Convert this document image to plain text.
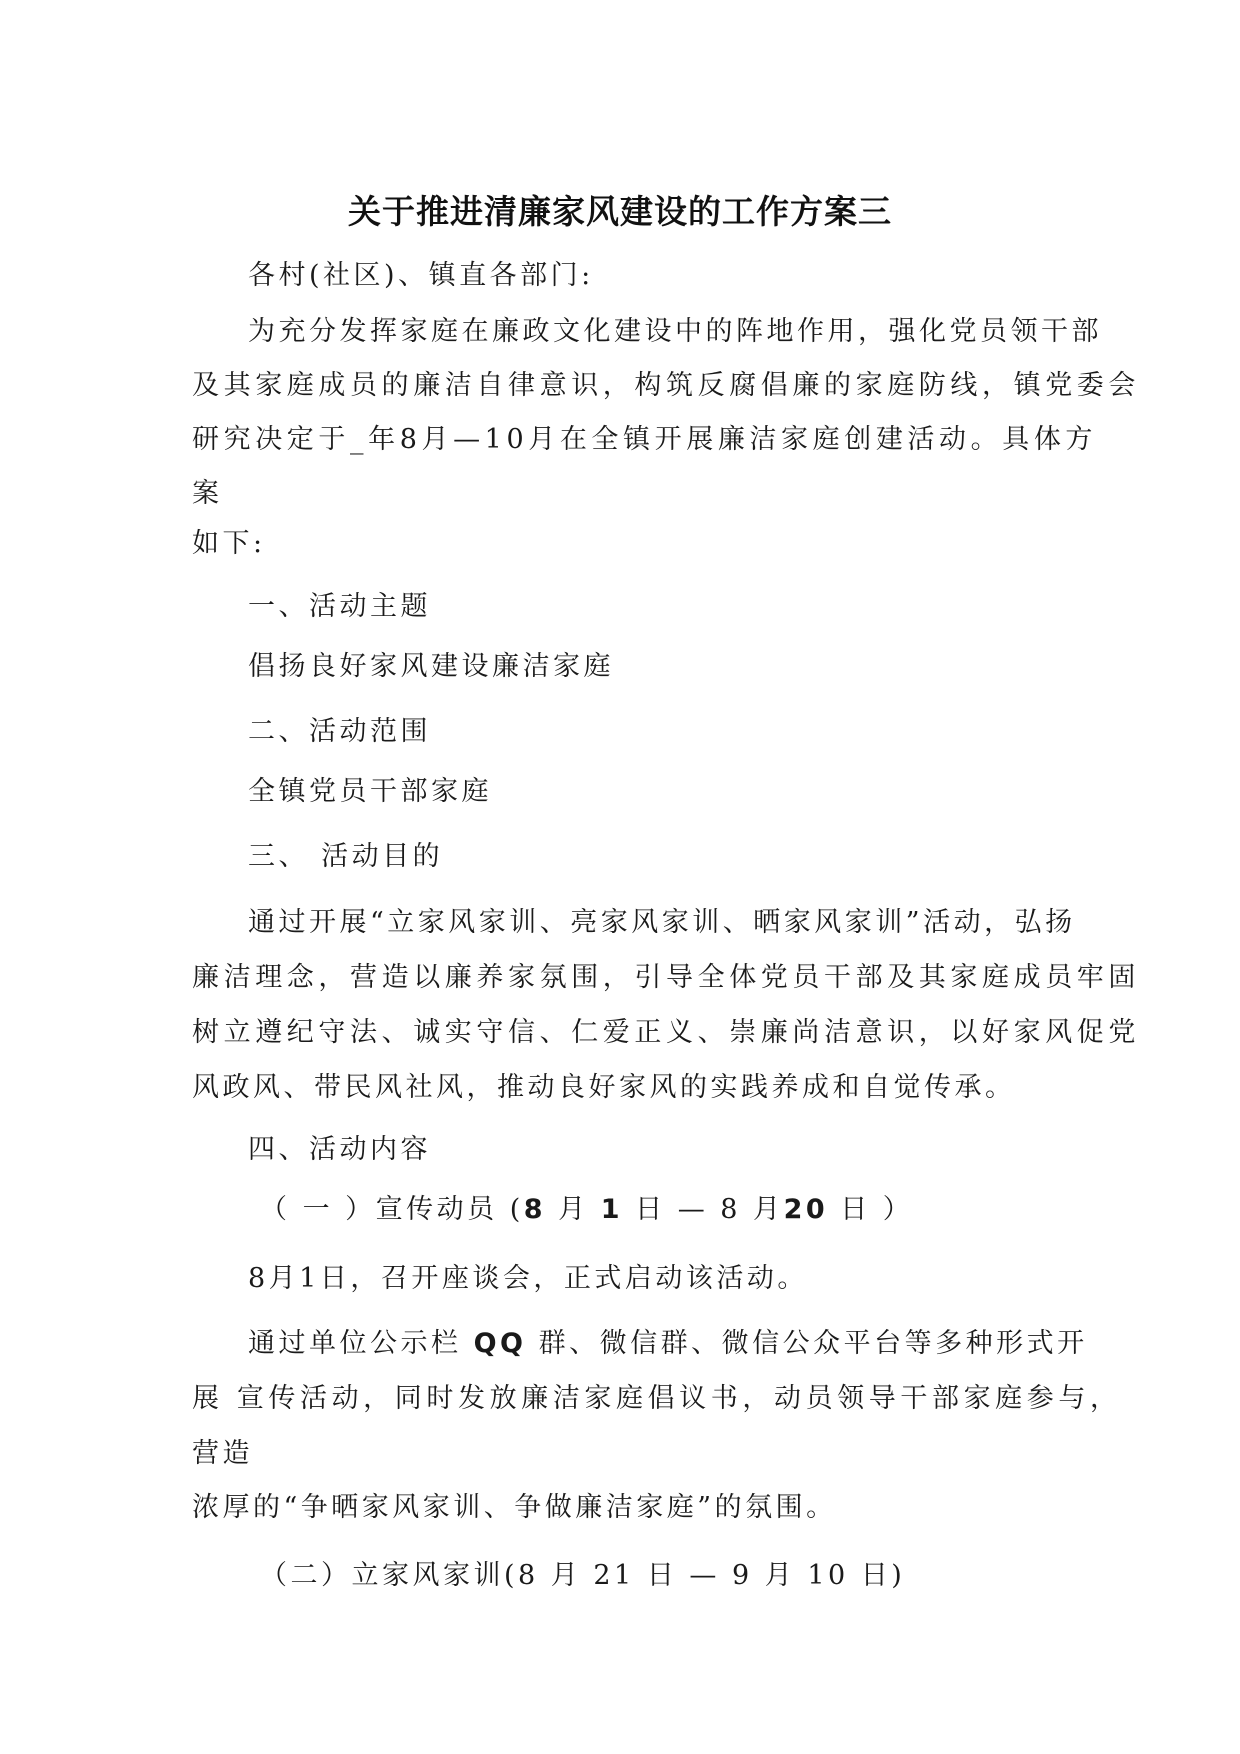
关于推进清廉家风建设的工作方案三
各村(社区)、镇直各部门:
为充分发挥家庭在廉政文化建设中的阵地作用，强化党员领干部
及其家庭成员的廉洁自律意识，构筑反腐倡廉的家庭防线，镇党委会
研究决定于_年8月—10月在全镇开展廉洁家庭创建活动。具体方
案
如下:
一、活动主题
倡扬良好家风建设廉洁家庭
二、活动范围
全镇党员干部家庭
三、 活动目的
通过开展“立家风家训、亮家风家训、晒家风家训”活动，弘扬
廉洁理念，营造以廉养家氛围，引导全体党员干部及其家庭成员牢固
树立遵纪守法、诚实守信、仁爱正义、崇廉尚洁意识，以好家风促党
风政风、带民风社风，推动良好家风的实践养成和自觉传承。
四、活动内容
（ 一 ）宣传动员 (8 月 1 日 — 8 月20 日 ）
8月1日，召开座谈会，正式启动该活动。
通过单位公示栏 QQ 群、微信群、微信公众平台等多种形式开
展 宣传活动，同时发放廉洁家庭倡议书，动员领导干部家庭参与，
营造
浓厚的“争晒家风家训、争做廉洁家庭”的氛围。
（二）立家风家训(8 月 21 日 — 9 月 10 日)
